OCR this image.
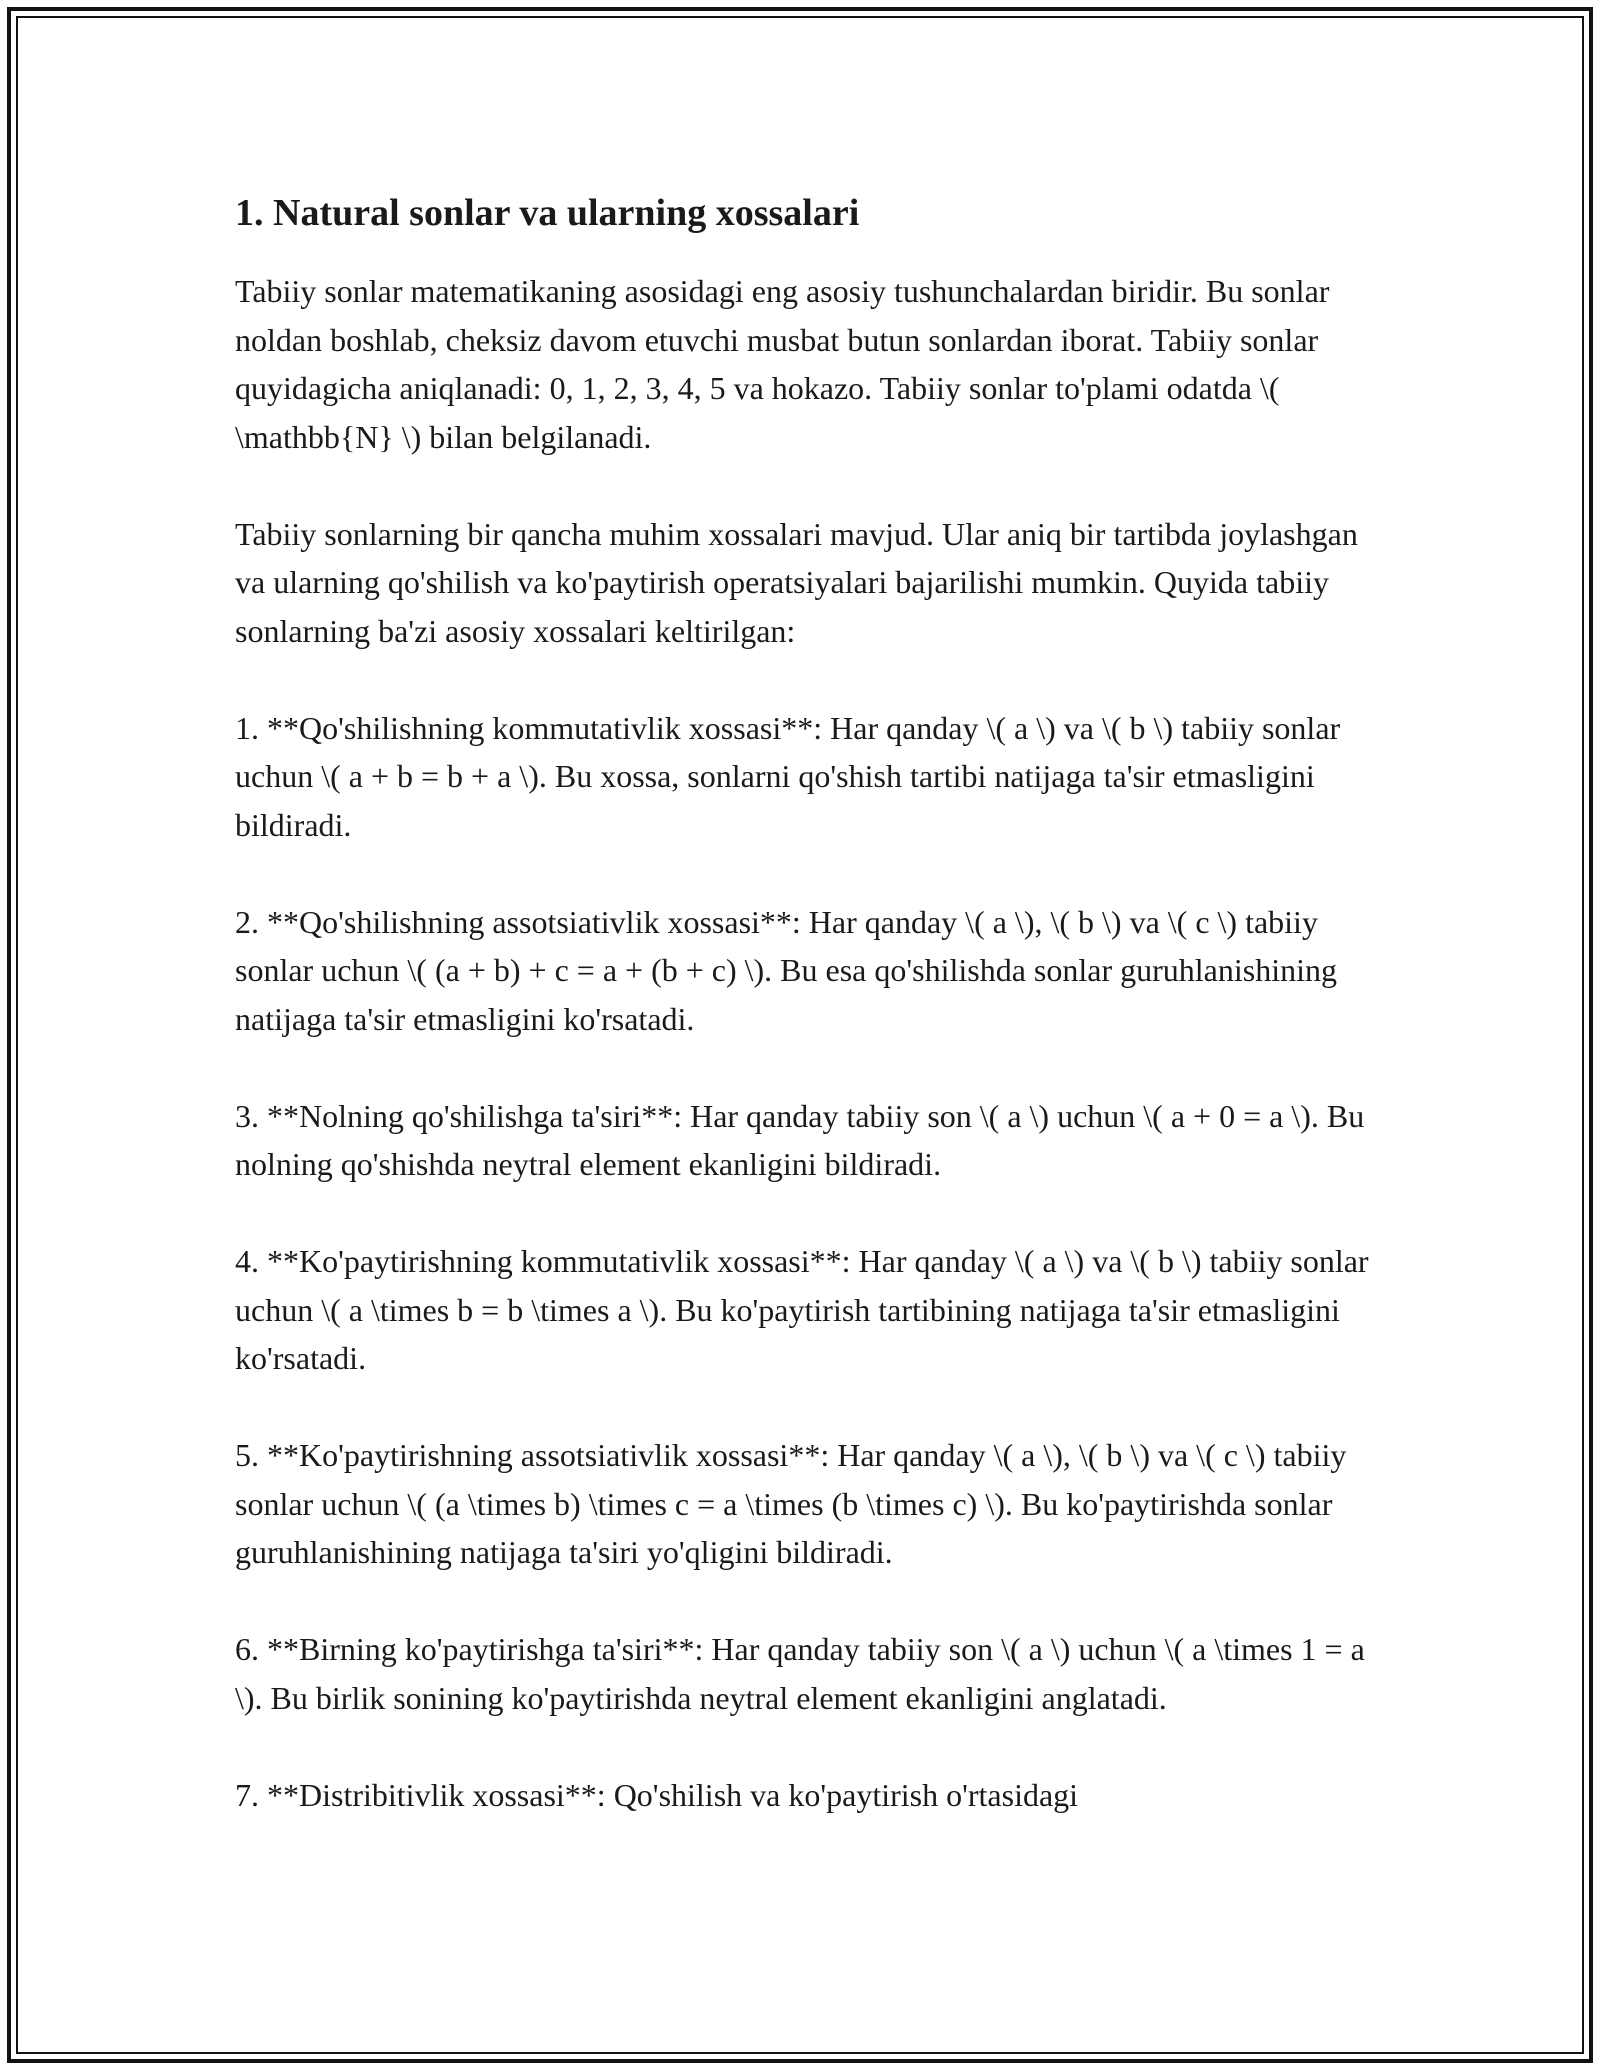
1. Natural sonlar va ularning xossalari

Tabiiy sonlar matematikaning asosidagi eng asosiy tushunchalardan biridir. Bu sonlar noldan boshlab, cheksiz davom etuvchi musbat butun sonlardan iborat. Tabiiy sonlar quyidagicha aniqlanadi: 0, 1, 2, 3, 4, 5 va hokazo. Tabiiy sonlar to'plami odatda \( \mathbb{N} \) bilan belgilanadi.

Tabiiy sonlarning bir qancha muhim xossalari mavjud. Ular aniq bir tartibda joylashgan va ularning qo'shilish va ko'paytirish operatsiyalari bajarilishi mumkin. Quyida tabiiy sonlarning ba'zi asosiy xossalari keltirilgan:

1. **Qo'shilishning kommutativlik xossasi**: Har qanday \( a \) va \( b \) tabiiy sonlar uchun \( a + b = b + a \). Bu xossa, sonlarni qo'shish tartibi natijaga ta'sir etmasligini bildiradi.

2. **Qo'shilishning assotsiativlik xossasi**: Har qanday \( a \), \( b \) va \( c \) tabiiy sonlar uchun \( (a + b) + c = a + (b + c) \). Bu esa qo'shilishda sonlar guruhlanishining natijaga ta'sir etmasligini ko'rsatadi.

3. **Nolning qo'shilishga ta'siri**: Har qanday tabiiy son \( a \) uchun \( a + 0 = a \). Bu nolning qo'shishda neytral element ekanligini bildiradi.

4. **Ko'paytirishning kommutativlik xossasi**: Har qanday \( a \) va \( b \) tabiiy sonlar uchun \( a \times b = b \times a \). Bu ko'paytirish tartibining natijaga ta'sir etmasligini ko'rsatadi.

5. **Ko'paytirishning assotsiativlik xossasi**: Har qanday \( a \), \( b \) va \( c \) tabiiy sonlar uchun \( (a \times b) \times c = a \times (b \times c) \). Bu ko'paytirishda sonlar guruhlanishining natijaga ta'siri yo'qligini bildiradi.

6. **Birning ko'paytirishga ta'siri**: Har qanday tabiiy son \( a \) uchun \( a \times 1 = a \). Bu birlik sonining ko'paytirishda neytral element ekanligini anglatadi.

7. **Distribitivlik xossasi**: Qo'shilish va ko'paytirish o'rtasidagi
